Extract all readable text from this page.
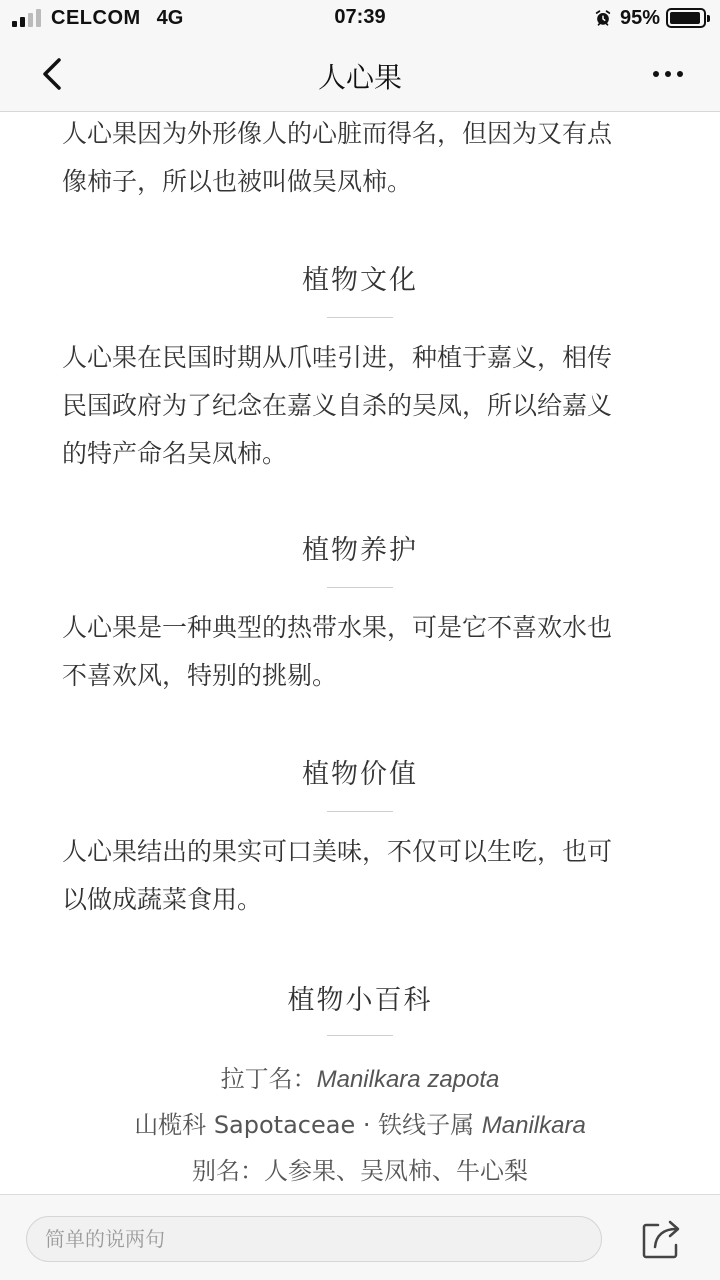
CELCOM 4G	07:39	95%
人心果
人心果因为外形像人的心脏而得名，但因为又有点
像柿子，所以也被叫做吴凤柿。
植物文化
人心果在民国时期从爪哇引进，种植于嘉义，相传
民国政府为了纪念在嘉义自杀的吴凤，所以给嘉义
的特产命名吴凤柿。
植物养护
人心果是一种典型的热带水果，可是它不喜欢水也
不喜欢风，特别的挑剔。
植物价值
人心果结出的果实可口美味，不仅可以生吃，也可
以做成蔬菜食用。
植物小百科
拉丁名：Manilkara zapota
山榄科 Sapotaceae · 铁线子属 Manilkara
别名：人参果、吴凤柿、牛心梨
简单的说两句
